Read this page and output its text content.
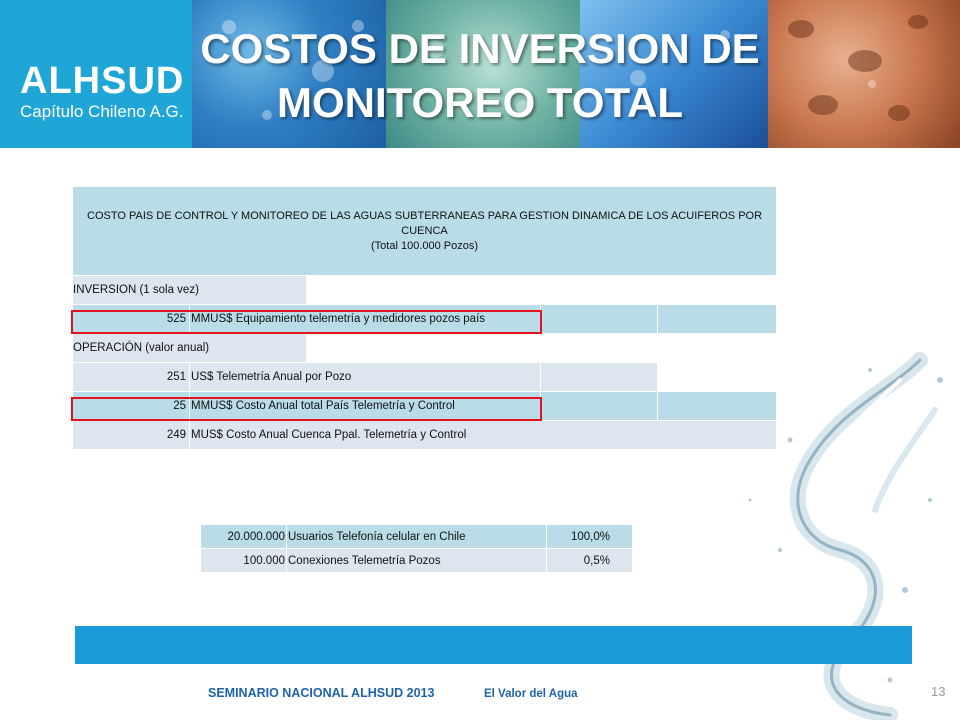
ALHSUD
Capítulo Chileno A.G.
COSTOS DE INVERSION DE
MONITOREO TOTAL
COSTO PAIS DE CONTROL Y MONITOREO DE LAS AGUAS SUBTERRANEAS PARA GESTION DINAMICA DE LOS ACUIFEROS POR CUENCA
(Total 100.000 Pozos)					

INVERSION (1 sola vez)					
525	MMUS$ Equipamiento telemetría y medidores pozos país				
OPERACIÓN (valor anual)					
251	US$ Telemetría Anual por Pozo				
25	MMUS$ Costo Anual total País Telemetría y Control				
249	MUS$ Costo Anual Cuenca Ppal. Telemetría y Control				
20.000.000	Usuarios Telefonía celular en Chile	100,0%
100.000	Conexiones Telemetría Pozos	0,5%
SEMINARIO NACIONAL ALHSUD 2013	El Valor del Agua	13
